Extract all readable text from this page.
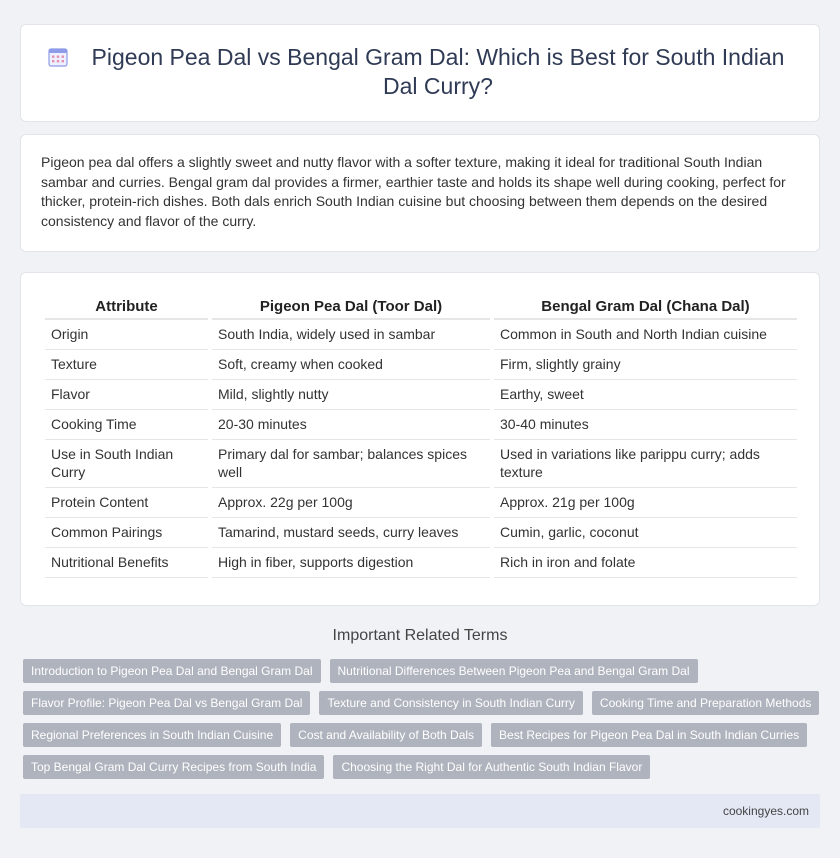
Pigeon Pea Dal vs Bengal Gram Dal: Which is Best for South Indian Dal Curry?

Pigeon pea dal offers a slightly sweet and nutty flavor with a softer texture, making it ideal for traditional South Indian sambar and curries. Bengal gram dal provides a firmer, earthier taste and holds its shape well during cooking, perfect for thicker, protein-rich dishes. Both dals enrich South Indian cuisine but choosing between them depends on the desired consistency and flavor of the curry.

Attribute	Pigeon Pea Dal (Toor Dal)	Bengal Gram Dal (Chana Dal)
Origin	South India, widely used in sambar	Common in South and North Indian cuisine
Texture	Soft, creamy when cooked	Firm, slightly grainy
Flavor	Mild, slightly nutty	Earthy, sweet
Cooking Time	20-30 minutes	30-40 minutes
Use in South Indian Curry	Primary dal for sambar; balances spices well	Used in variations like parippu curry; adds texture
Protein Content	Approx. 22g per 100g	Approx. 21g per 100g
Common Pairings	Tamarind, mustard seeds, curry leaves	Cumin, garlic, coconut
Nutritional Benefits	High in fiber, supports digestion	Rich in iron and folate
Important Related Terms
Introduction to Pigeon Pea Dal and Bengal Gram Dal	Nutritional Differences Between Pigeon Pea and Bengal Gram Dal
Flavor Profile: Pigeon Pea Dal vs Bengal Gram Dal	Texture and Consistency in South Indian Curry	Cooking Time and Preparation Methods
Regional Preferences in South Indian Cuisine	Cost and Availability of Both Dals	Best Recipes for Pigeon Pea Dal in South Indian Curries
Top Bengal Gram Dal Curry Recipes from South India	Choosing the Right Dal for Authentic South Indian Flavor
cookingyes.com
